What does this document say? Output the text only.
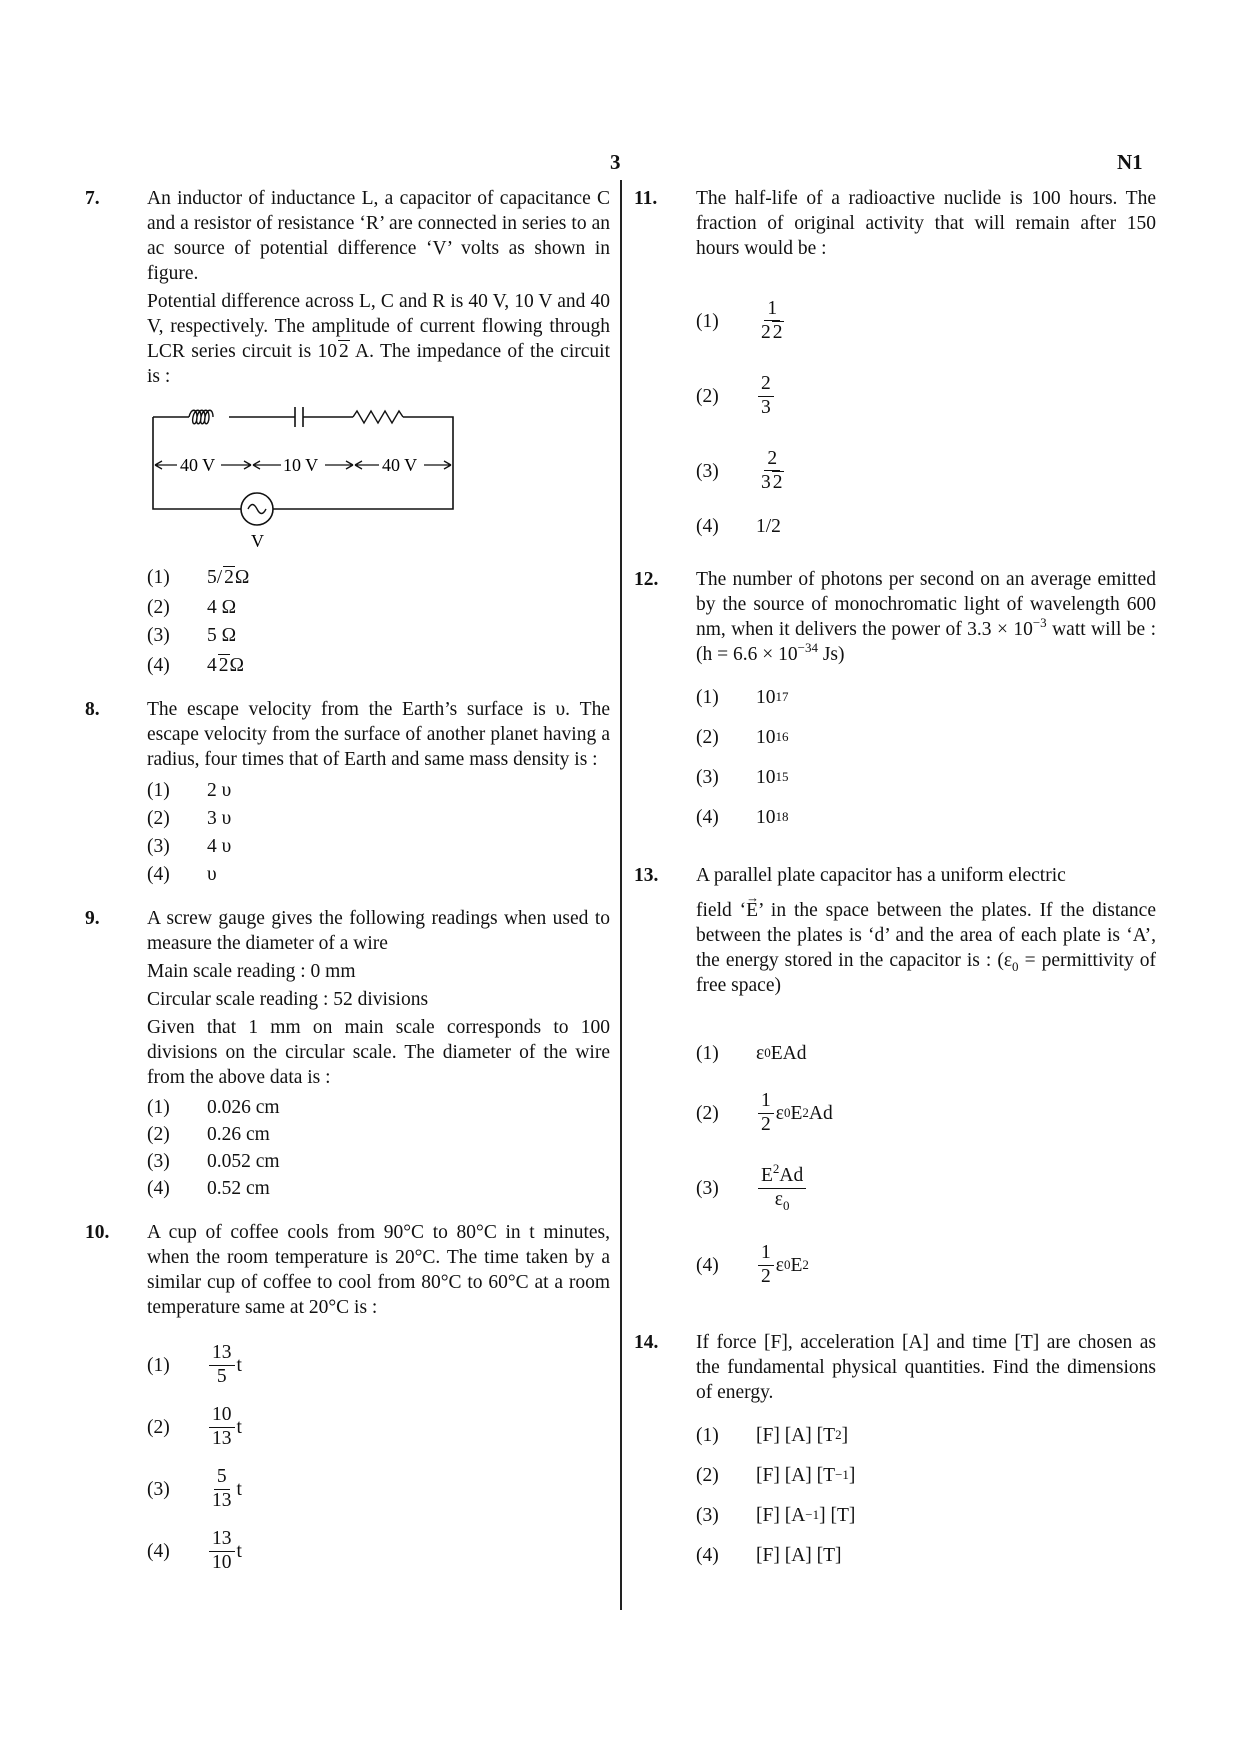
3	N1
7. An inductor of inductance L, a capacitor of capacitance C and a resistor of resistance ‘R’ are connected in series to an ac source of potential difference ‘V’ volts as shown in figure.

Potential difference across L, C and R is 40 V, 10 V and 40 V, respectively. The amplitude of current flowing through LCR series circuit is 10 2 A. The impedance of the circuit is :

40 V	10 V	40 V
V
(1)	5/ 2 Ω
(2)	4 Ω
(3)	5 Ω
(4)	4 2 Ω
8. The escape velocity from the Earth’s surface is υ. The escape velocity from the surface of another planet having a radius, four times that of Earth and same mass density is :

(1)	2 υ
(2)	3 υ
(3)	4 υ
(4)	υ
9. A screw gauge gives the following readings when used to measure the diameter of a wire

Main scale reading : 0 mm

Circular scale reading : 52 divisions

Given that 1 mm on main scale corresponds to 100 divisions on the circular scale. The diameter of the wire from the above data is :

(1)	0.026 cm
(2)	0.26 cm
(3)	0.052 cm
(4)	0.52 cm
10. A cup of coffee cools from 90°C to 80°C in t minutes, when the room temperature is 20°C. The time taken by a similar cup of coffee to cool from 80°C to 60°C at a room temperature same at 20°C is :

(1)	$\frac{13}{5}$ t
(2)	$\frac{10}{13}$ t
(3)	$\frac{5}{13}$ t
(4)	$\frac{13}{10}$ t
11. The half-life of a radioactive nuclide is 100 hours. The fraction of original activity that will remain after 150 hours would be :

(1)	$\frac{1}{2 2}$
(2)	$\frac{2}{3}$
(3)	$\frac{2}{3 2}$
(4)	1/2
12. The number of photons per second on an average emitted by the source of monochromatic light of wavelength 600 nm, when it delivers the power of $3.3 \times 10^{-3}$ watt will be : ($h = 6.6 \times 10^{-34}$ Js)

(1)	10 17
(2)	10 16
(3)	10 15
(4)	10 18
13. A parallel plate capacitor has a uniform electric

field ‘→ E’ in the space between the plates. If the distance between the plates is ‘d’ and the area of each plate is ‘A’, the energy stored in the capacitor is : ($\varepsilon_0$ = permittivity of free space)

(1)	ε 0 EAd
(2)	$\frac{1}{2}$ ε 0 E 2 Ad
(3)	$\frac{E^2Ad}{\varepsilon_0}$
(4)	$\frac{1}{2}$ ε 0 E 2
14. If force [F], acceleration [A] and time [T] are chosen as the fundamental physical quantities. Find the dimensions of energy.

(1)	[F] [A] [T 2 ]
(2)	[F] [A] [T −1 ]
(3)	[F] [A −1 ] [T]
(4)	[F] [A] [T]
